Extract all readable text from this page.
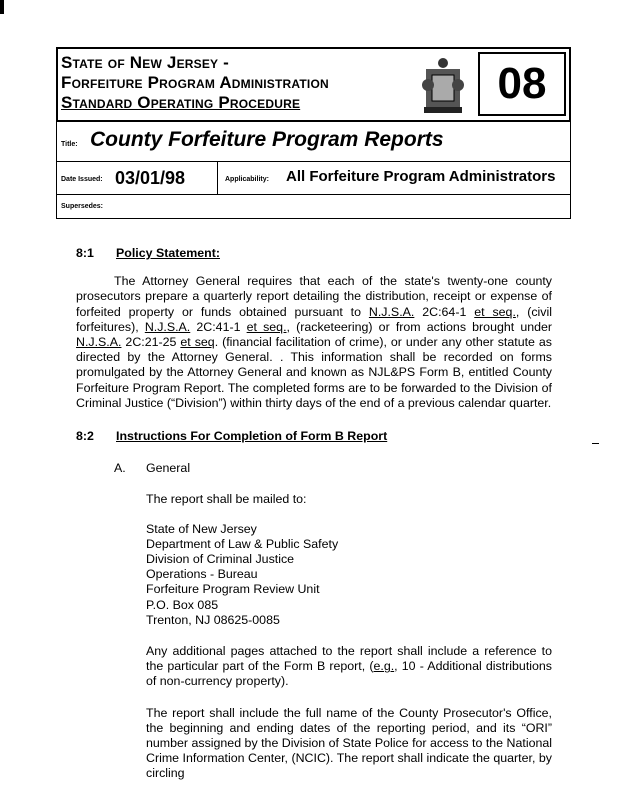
State of New Jersey -
Forfeiture Program Administration
Standard Operating Procedure	08
Title: County Forfeiture Program Reports
Date Issued: 03/01/98	Applicability: All Forfeiture Program Administrators
Supersedes:
8:1	Policy Statement:
The Attorney General requires that each of the state's twenty-one county prosecutors prepare a quarterly report detailing the distribution, receipt or expense of forfeited property or funds obtained pursuant to N.J.S.A. 2C:64-1 et seq., (civil forfeitures), N.J.S.A. 2C:41-1 et seq., (racketeering) or from actions brought under N.J.S.A. 2C:21-25 et seq. (financial facilitation of crime), or under any other statute as directed by the Attorney General. . This information shall be recorded on forms promulgated by the Attorney General and known as NJL&PS Form B, entitled County Forfeiture Program Report. The completed forms are to be forwarded to the Division of Criminal Justice (“Division”) within thirty days of the end of a previous calendar quarter.
8:2	Instructions For Completion of Form B Report
A.	General
The report shall be mailed to:
State of New Jersey
Department of Law & Public Safety
Division of Criminal Justice
Operations - Bureau
Forfeiture Program Review Unit
P.O. Box 085
Trenton, NJ 08625-0085
Any additional pages attached to the report shall include a reference to the particular part of the Form B report, (e.g., 10 - Additional distributions of non-currency property).
The report shall include the full name of the County Prosecutor's Office, the beginning and ending dates of the reporting period, and its “ORI” number assigned by the Division of State Police for access to the National Crime Information Center, (NCIC). The report shall indicate the quarter, by circling
